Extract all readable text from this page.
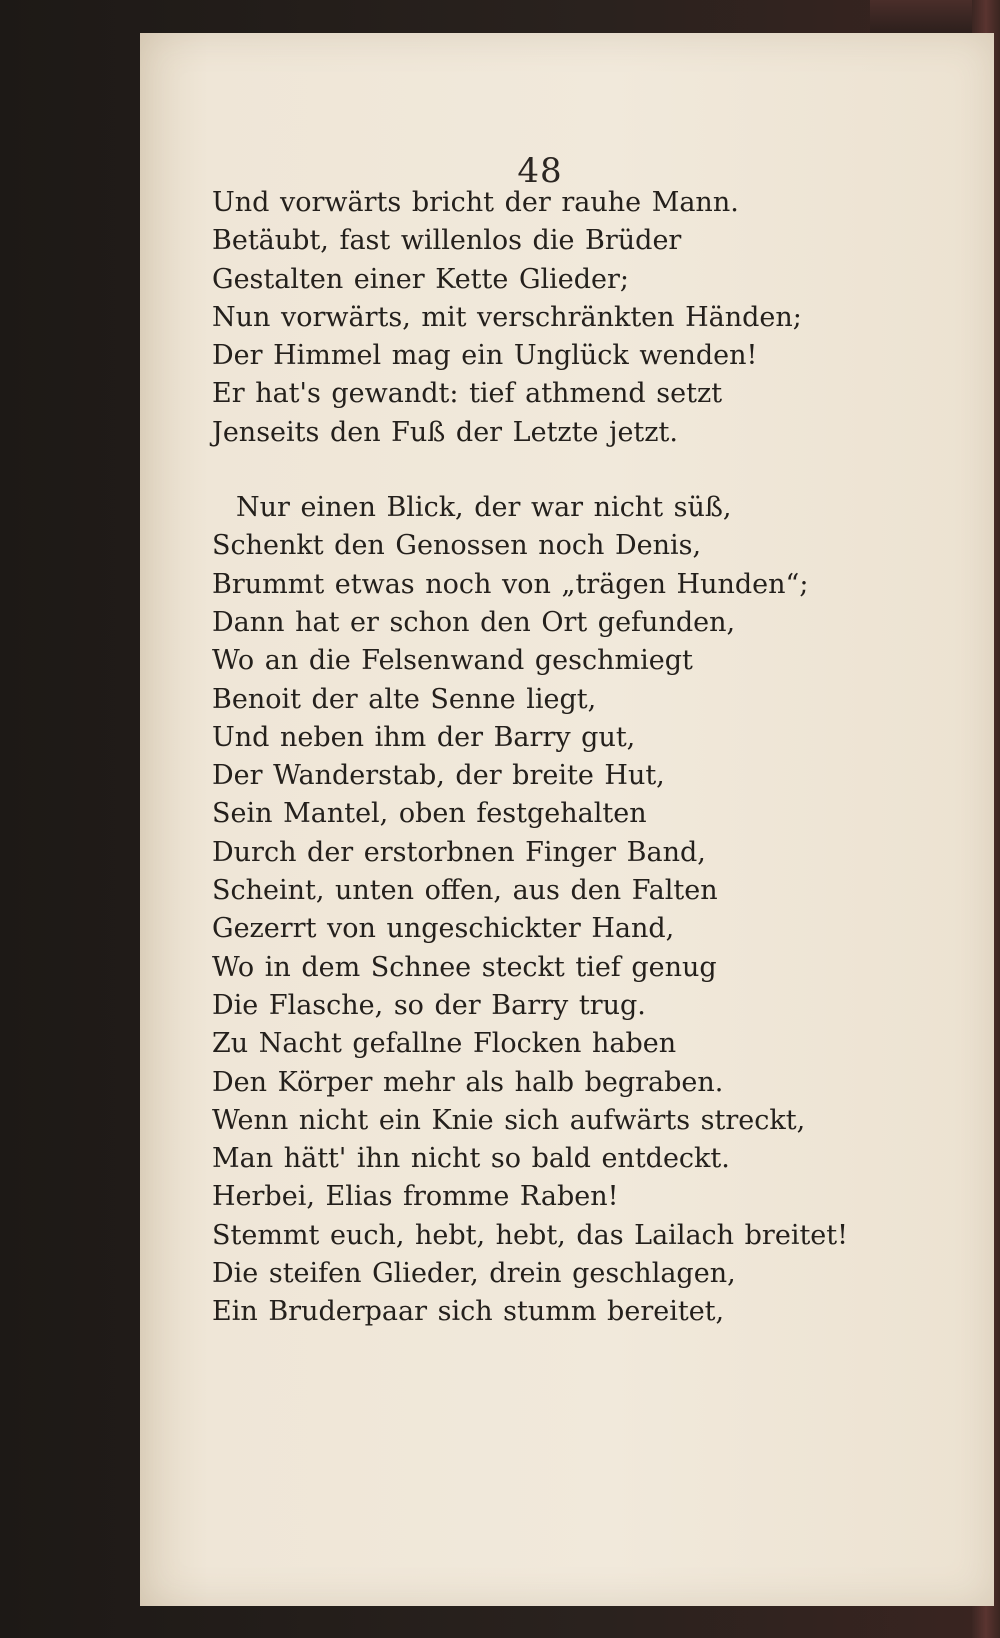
48
Und vorwärts bricht der rauhe Mann.
Betäubt, fast willenlos die Brüder
Gestalten einer Kette Glieder;
Nun vorwärts, mit verschränkten Händen;
Der Himmel mag ein Unglück wenden!
Er hat's gewandt: tief athmend setzt
Jenseits den Fuß der Letzte jetzt.
Nur einen Blick, der war nicht süß,
Schenkt den Genossen noch Denis,
Brummt etwas noch von „trägen Hunden“;
Dann hat er schon den Ort gefunden,
Wo an die Felsenwand geschmiegt
Benoit der alte Senne liegt,
Und neben ihm der Barry gut,
Der Wanderstab, der breite Hut,
Sein Mantel, oben festgehalten
Durch der erstorbnen Finger Band,
Scheint, unten offen, aus den Falten
Gezerrt von ungeschickter Hand,
Wo in dem Schnee steckt tief genug
Die Flasche, so der Barry trug.
Zu Nacht gefallne Flocken haben
Den Körper mehr als halb begraben.
Wenn nicht ein Knie sich aufwärts streckt,
Man hätt' ihn nicht so bald entdeckt.
Herbei, Elias fromme Raben!
Stemmt euch, hebt, hebt, das Lailach breitet!
Die steifen Glieder, drein geschlagen,
Ein Bruderpaar sich stumm bereitet,
